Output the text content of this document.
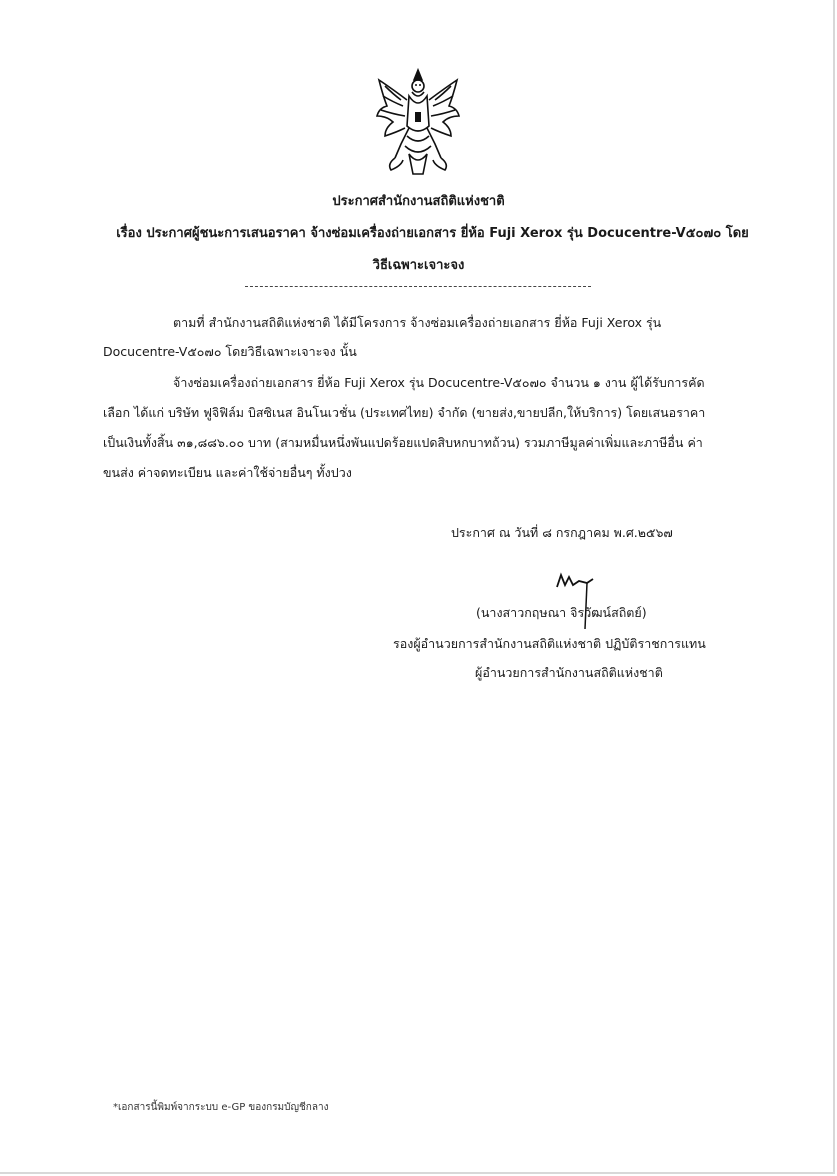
ประกาศสำนักงานสถิติแห่งชาติ
เรื่อง ประกาศผู้ชนะการเสนอราคา จ้างซ่อมเครื่องถ่ายเอกสาร ยี่ห้อ Fuji Xerox รุ่น Docucentre-V๕๐๗๐ โดย
วิธีเฉพาะเจาะจง
ตามที่ สำนักงานสถิติแห่งชาติ ได้มีโครงการ จ้างซ่อมเครื่องถ่ายเอกสาร ยี่ห้อ Fuji Xerox รุ่น
Docucentre-V๕๐๗๐ โดยวิธีเฉพาะเจาะจง นั้น
จ้างซ่อมเครื่องถ่ายเอกสาร ยี่ห้อ Fuji Xerox รุ่น Docucentre-V๕๐๗๐ จำนวน ๑ งาน ผู้ได้รับการคัด
เลือก ได้แก่ บริษัท ฟูจิฟิล์ม บิสซิเนส อินโนเวชั่น (ประเทศไทย) จำกัด (ขายส่ง,ขายปลีก,ให้บริการ) โดยเสนอราคา
เป็นเงินทั้งสิ้น ๓๑,๘๘๖.๐๐ บาท (สามหมื่นหนึ่งพันแปดร้อยแปดสิบหกบาทถ้วน) รวมภาษีมูลค่าเพิ่มและภาษีอื่น ค่า
ขนส่ง ค่าจดทะเบียน และค่าใช้จ่ายอื่นๆ ทั้งปวง
ประกาศ ณ วันที่ ๘ กรกฎาคม พ.ศ.๒๕๖๗
(นางสาวกฤษณา จิรวัฒน์สถิตย์)
รองผู้อำนวยการสำนักงานสถิติแห่งชาติ ปฏิบัติราชการแทน
ผู้อำนวยการสำนักงานสถิติแห่งชาติ
*เอกสารนี้พิมพ์จากระบบ e-GP ของกรมบัญชีกลาง
